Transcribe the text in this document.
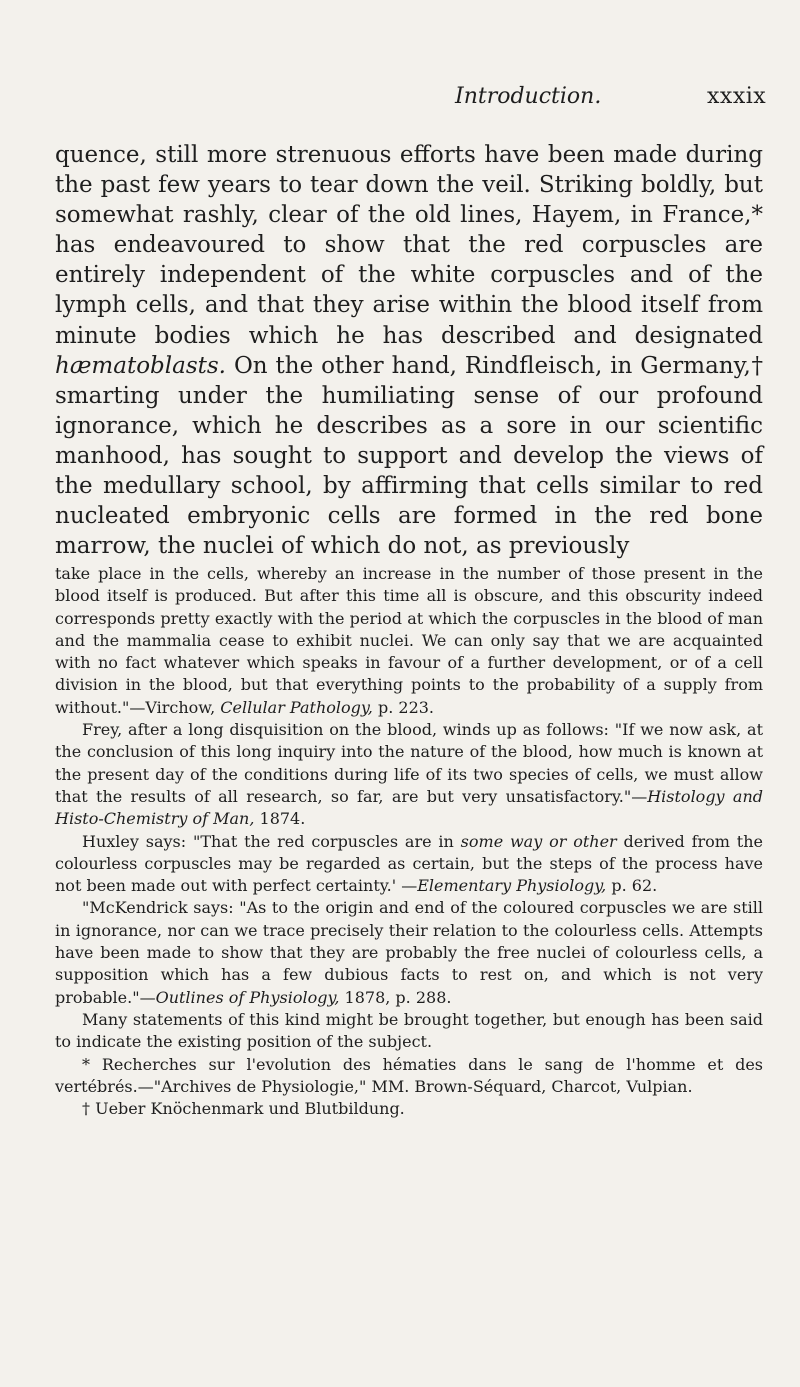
Introduction.	xxxix

quence, still more strenuous efforts have been made during the past few years to tear down the veil. Striking boldly, but somewhat rashly, clear of the old lines, Hayem, in France,* has endeavoured to show that the red corpuscles are entirely independent of the white corpuscles and of the lymph cells, and that they arise within the blood itself from minute bodies which he has described and designated hæmatoblasts. On the other hand, Rindfleisch, in Germany,† smarting under the humiliating sense of our profound ignorance, which he describes as a sore in our scientific manhood, has sought to support and develop the views of the medullary school, by affirming that cells similar to red nucleated embryonic cells are formed in the red bone marrow, the nuclei of which do not, as previously

take place in the cells, whereby an increase in the number of those present in the blood itself is produced. But after this time all is obscure, and this obscurity indeed corresponds pretty exactly with the period at which the corpuscles in the blood of man and the mammalia cease to exhibit nuclei. We can only say that we are acquainted with no fact whatever which speaks in favour of a further development, or of a cell division in the blood, but that everything points to the probability of a supply from without."—Virchow, Cellular Pathology, p. 223.

Frey, after a long disquisition on the blood, winds up as follows: "If we now ask, at the conclusion of this long inquiry into the nature of the blood, how much is known at the present day of the conditions during life of its two species of cells, we must allow that the results of all research, so far, are but very unsatisfactory."—Histology and Histo-Chemistry of Man, 1874.

Huxley says: "That the red corpuscles are in some way or other derived from the colourless corpuscles may be regarded as certain, but the steps of the process have not been made out with perfect certainty.' —Elementary Physiology, p. 62.

"McKendrick says: "As to the origin and end of the coloured corpuscles we are still in ignorance, nor can we trace precisely their relation to the colourless cells. Attempts have been made to show that they are probably the free nuclei of colourless cells, a supposition which has a few dubious facts to rest on, and which is not very probable."—Outlines of Physiology, 1878, p. 288.

Many statements of this kind might be brought together, but enough has been said to indicate the existing position of the subject.

* Recherches sur l'evolution des hématies dans le sang de l'homme et des vertébrés.—"Archives de Physiologie," MM. Brown-Séquard, Charcot, Vulpian.

† Ueber Knöchenmark und Blutbildung.
